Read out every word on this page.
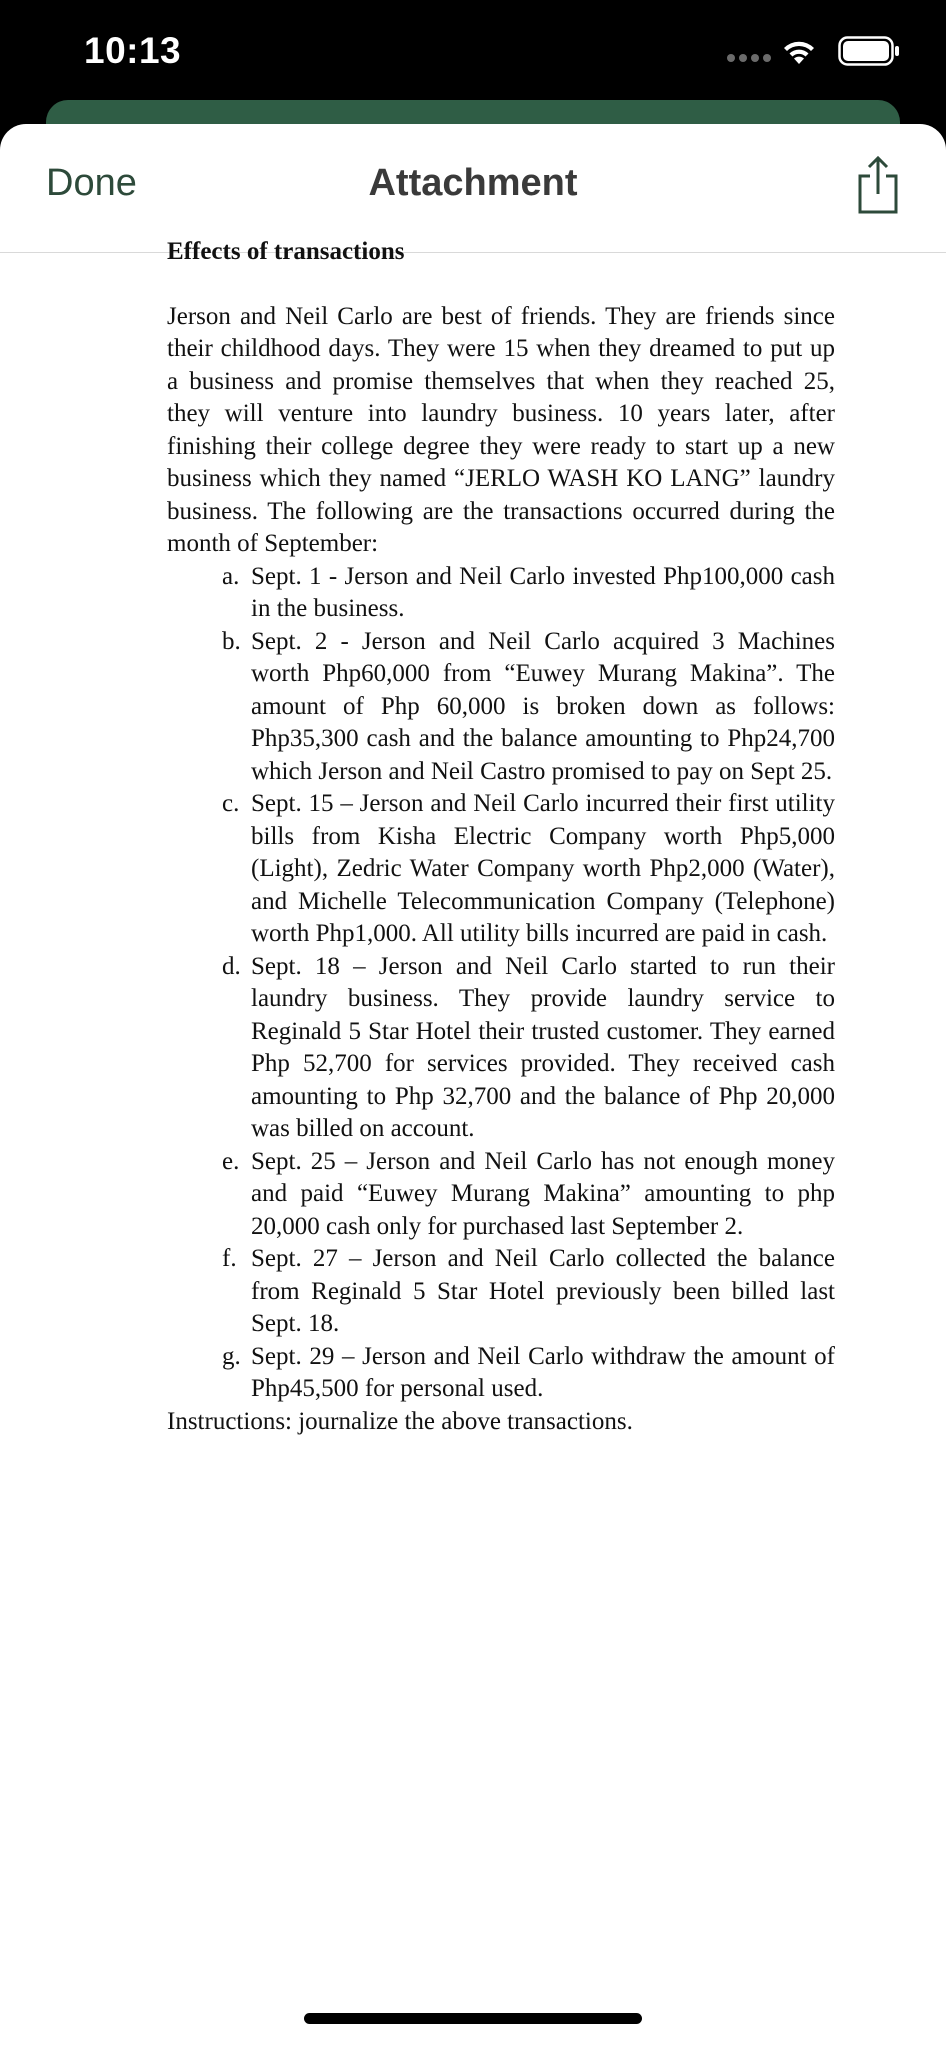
10:13
Done	Attachment

Effects of transactions

Jerson and Neil Carlo are best of friends. They are friends since their childhood days. They were 15 when they dreamed to put up a business and promise themselves that when they reached 25, they will venture into laundry business. 10 years later, after finishing their college degree they were ready to start up a new business which they named “JERLO WASH KO LANG” laundry business. The following are the transactions occurred during the month of September:

a. Sept. 1 - Jerson and Neil Carlo invested Php100,000 cash in the business.
b. Sept. 2 - Jerson and Neil Carlo acquired 3 Machines worth Php60,000 from “Euwey Murang Makina”. The amount of Php 60,000 is broken down as follows: Php35,300 cash and the balance amounting to Php24,700 which Jerson and Neil Castro promised to pay on Sept 25.
c. Sept. 15 – Jerson and Neil Carlo incurred their first utility bills from Kisha Electric Company worth Php5,000 (Light), Zedric Water Company worth Php2,000 (Water), and Michelle Telecommunication Company (Telephone) worth Php1,000. All utility bills incurred are paid in cash.
d. Sept. 18 – Jerson and Neil Carlo started to run their laundry business. They provide laundry service to Reginald 5 Star Hotel their trusted customer. They earned Php 52,700 for services provided. They received cash amounting to Php 32,700 and the balance of Php 20,000 was billed on account.
e. Sept. 25 – Jerson and Neil Carlo has not enough money and paid “Euwey Murang Makina” amounting to php 20,000 cash only for purchased last September 2.
f. Sept. 27 – Jerson and Neil Carlo collected the balance from Reginald 5 Star Hotel previously been billed last Sept. 18.
g. Sept. 29 – Jerson and Neil Carlo withdraw the amount of Php45,500 for personal used.

Instructions: journalize the above transactions.
